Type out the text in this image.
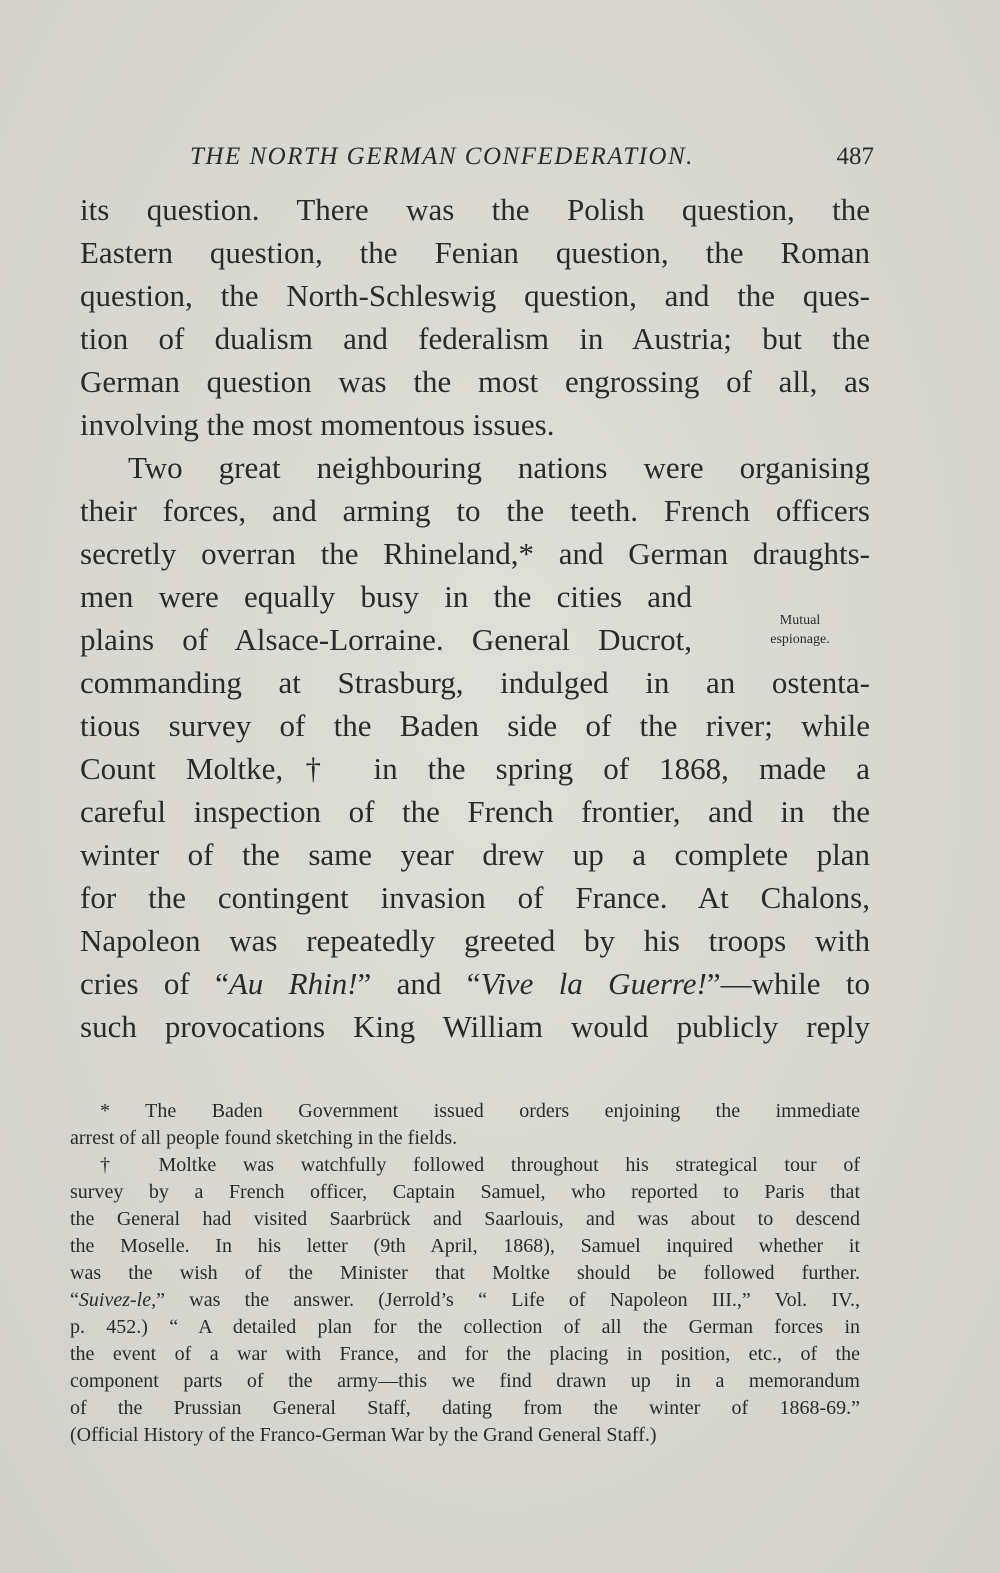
THE NORTH GERMAN CONFEDERATION.	487
its question. There was the Polish question, the
Eastern question, the Fenian question, the Roman
question, the North-Schleswig question, and the ques-
tion of dualism and federalism in Austria; but the
German question was the most engrossing of all, as
involving the most momentous issues.
Two great neighbouring nations were organising
their forces, and arming to the teeth. French officers
secretly overran the Rhineland,* and German draughts-
men were equally busy in the cities and
plains of Alsace-Lorraine. General Ducrot,
commanding at Strasburg, indulged in an ostenta-
tious survey of the Baden side of the river; while
Count Moltke,† in the spring of 1868, made a
careful inspection of the French frontier, and in the
winter of the same year drew up a complete plan
for the contingent invasion of France. At Chalons,
Napoleon was repeatedly greeted by his troops with
cries of “Au Rhin!” and “Vive la Guerre!”—while to
such provocations King William would publicly reply
Mutual
espionage.
* The Baden Government issued orders enjoining the immediate
arrest of all people found sketching in the fields.
† Moltke was watchfully followed throughout his strategical tour of
survey by a French officer, Captain Samuel, who reported to Paris that
the General had visited Saarbrück and Saarlouis, and was about to descend
the Moselle. In his letter (9th April, 1868), Samuel inquired whether it
was the wish of the Minister that Moltke should be followed further.
“Suivez-le,” was the answer. (Jerrold’s “ Life of Napoleon III.,” Vol. IV.,
p. 452.) “ A detailed plan for the collection of all the German forces in
the event of a war with France, and for the placing in position, etc., of the
component parts of the army—this we find drawn up in a memorandum
of the Prussian General Staff, dating from the winter of 1868-69.”
(Official History of the Franco-German War by the Grand General Staff.)
